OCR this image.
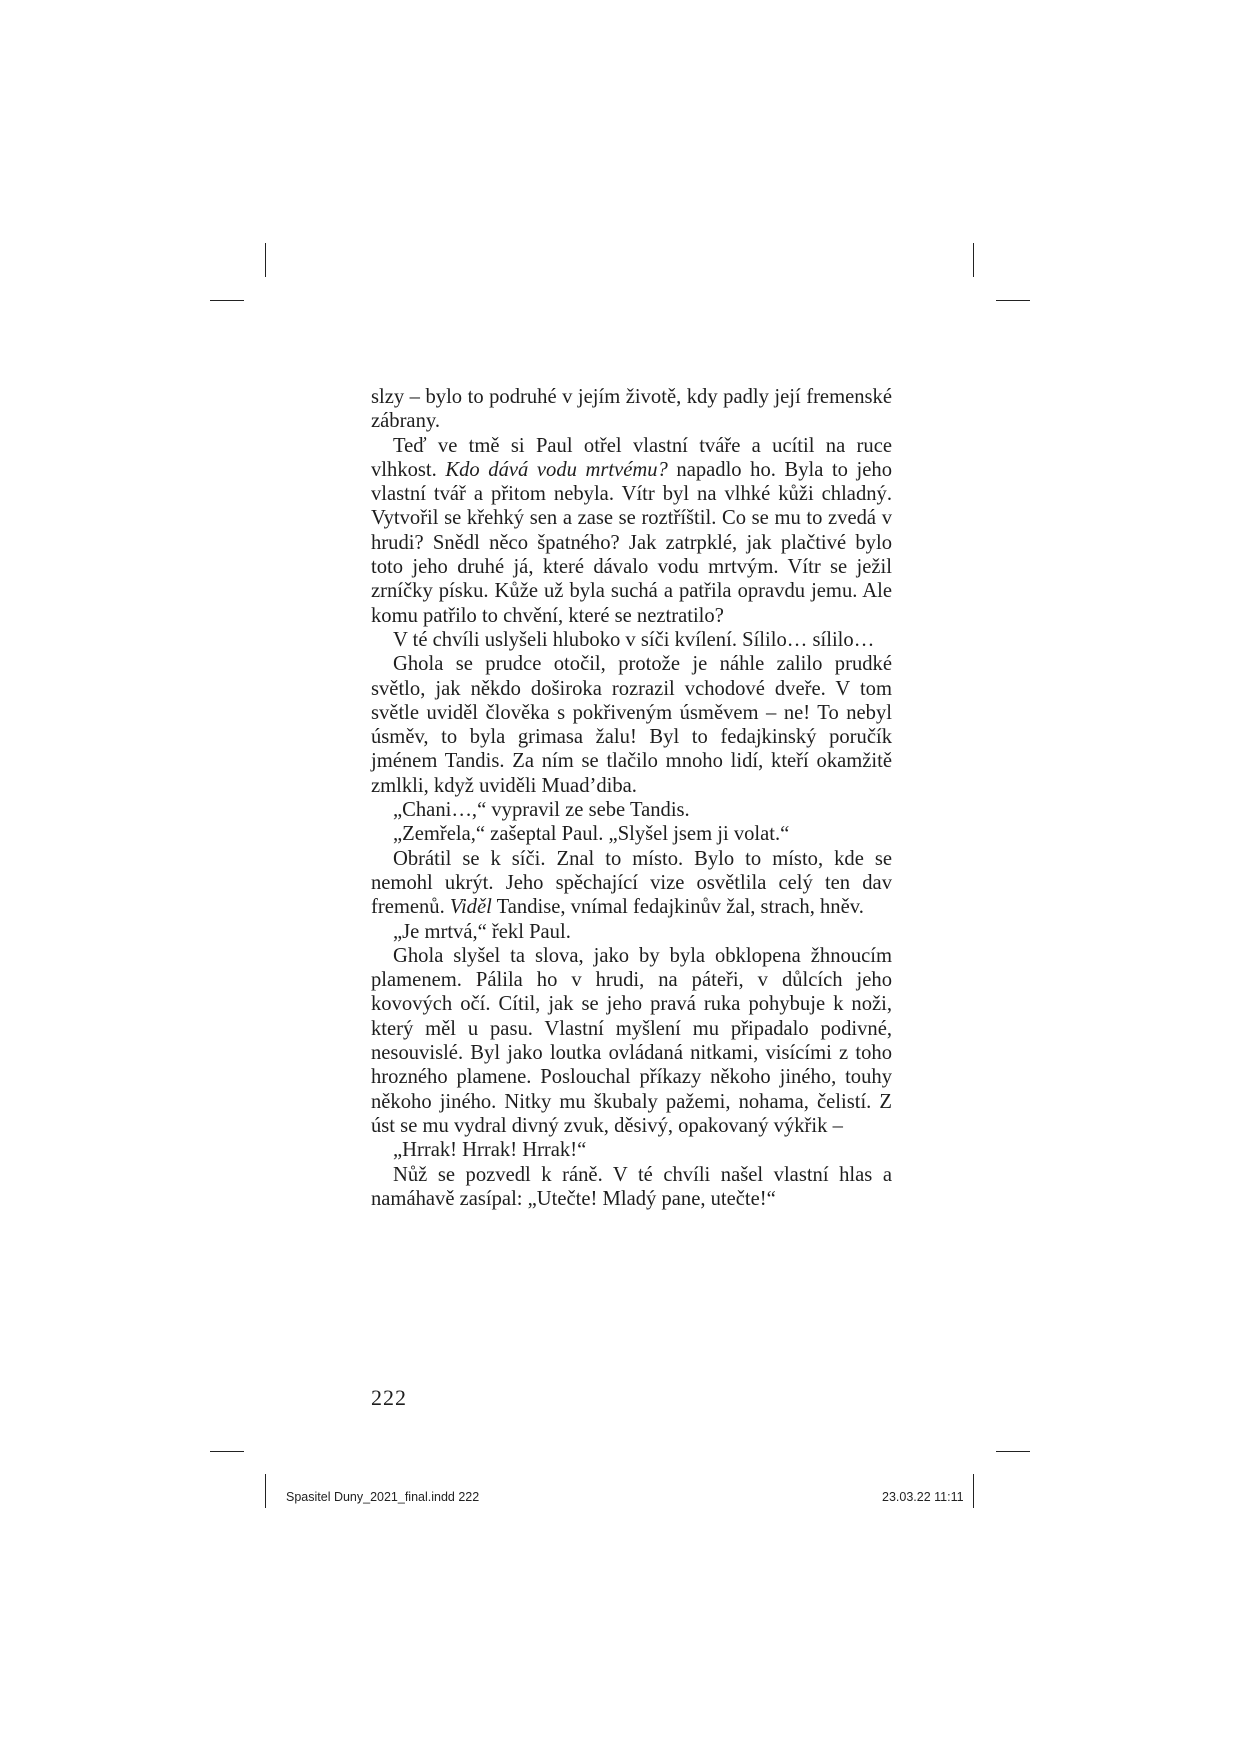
slzy – bylo to podruhé v jejím životě, kdy padly její fremenské zábrany.

Teď ve tmě si Paul otřel vlastní tváře a ucítil na ruce vlhkost. Kdo dává vodu mrtvému? napadlo ho. Byla to jeho vlastní tvář a přitom nebyla. Vítr byl na vlhké kůži chladný. Vytvořil se křehký sen a zase se roztříštil. Co se mu to zvedá v hrudi? Snědl něco špatného? Jak zatrpklé, jak plačtivé bylo toto jeho druhé já, které dávalo vodu mrtvým. Vítr se ježil zrníčky písku. Kůže už byla suchá a patřila opravdu jemu. Ale komu patřilo to chvění, které se neztratilo?

V té chvíli uslyšeli hluboko v síči kvílení. Sílilo… sílilo…

Ghola se prudce otočil, protože je náhle zalilo prudké světlo, jak někdo doširoka rozrazil vchodové dveře. V tom světle uviděl člověka s pokřiveným úsměvem – ne! To nebyl úsměv, to byla grimasa žalu! Byl to fedajkinský poručík jménem Tandis. Za ním se tlačilo mnoho lidí, kteří okamžitě zmlkli, když uviděli Muad’diba.

„Chani…,“ vypravil ze sebe Tandis.

„Zemřela,“ zašeptal Paul. „Slyšel jsem ji volat.“

Obrátil se k síči. Znal to místo. Bylo to místo, kde se nemohl ukrýt. Jeho spěchající vize osvětlila celý ten dav fremenů. Viděl Tandise, vnímal fedajkinův žal, strach, hněv.

„Je mrtvá,“ řekl Paul.

Ghola slyšel ta slova, jako by byla obklopena žhnoucím plamenem. Pálila ho v hrudi, na páteři, v důlcích jeho kovových očí. Cítil, jak se jeho pravá ruka pohybuje k noži, který měl u pasu. Vlastní myšlení mu připadalo podivné, nesouvislé. Byl jako loutka ovládaná nitkami, visícími z toho hrozného plamene. Poslouchal příkazy někoho jiného, touhy někoho jiného. Nitky mu škubaly pažemi, nohama, čelistí. Z úst se mu vydral divný zvuk, děsivý, opakovaný výkřik –

„Hrrak! Hrrak! Hrrak!“

Nůž se pozvedl k ráně. V té chvíli našel vlastní hlas a namáhavě zasípal: „Utečte! Mladý pane, utečte!“

222
Spasitel Duny_2021_final.indd 222	23.03.22 11:11
